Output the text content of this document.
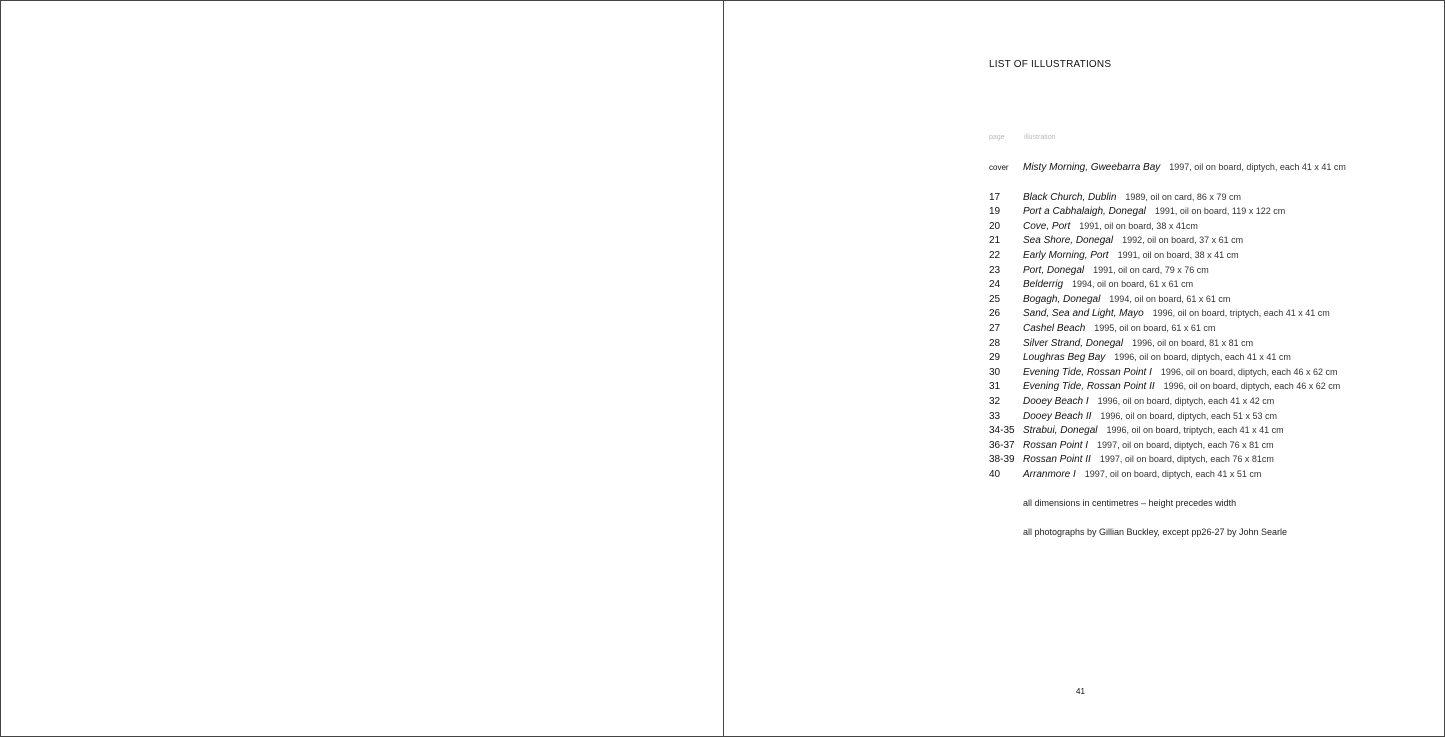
LIST OF ILLUSTRATIONS
page	illustration
cover Misty Morning, Gweebarra Bay 1997, oil on board, diptych, each 41 x 41 cm
17 Black Church, Dublin 1989, oil on card, 86 x 79 cm
19 Port a Cabhalaigh, Donegal 1991, oil on board, 119 x 122 cm
20 Cove, Port 1991, oil on board, 38 x 41cm
21 Sea Shore, Donegal 1992, oil on board, 37 x 61 cm
22 Early Morning, Port 1991, oil on board, 38 x 41 cm
23 Port, Donegal 1991, oil on card, 79 x 76 cm
24 Belderrig 1994, oil on board, 61 x 61 cm
25 Bogagh, Donegal 1994, oil on board, 61 x 61 cm
26 Sand, Sea and Light, Mayo 1996, oil on board, triptych, each 41 x 41 cm
27 Cashel Beach 1995, oil on board, 61 x 61 cm
28 Silver Strand, Donegal 1996, oil on board, 81 x 81 cm
29 Loughras Beg Bay 1996, oil on board, diptych, each 41 x 41 cm
30 Evening Tide, Rossan Point I 1996, oil on board, diptych, each 46 x 62 cm
31 Evening Tide, Rossan Point II 1996, oil on board, diptych, each 46 x 62 cm
32 Dooey Beach I 1996, oil on board, diptych, each 41 x 42 cm
33 Dooey Beach II 1996, oil on board, diptych, each 51 x 53 cm
34-35 Strabui, Donegal 1996, oil on board, triptych, each 41 x 41 cm
36-37 Rossan Point I 1997, oil on board, diptych, each 76 x 81 cm
38-39 Rossan Point II 1997, oil on board, diptych, each 76 x 81cm
40 Arranmore I 1997, oil on board, diptych, each 41 x 51 cm
all dimensions in centimetres – height precedes width
all photographs by Gillian Buckley, except pp26-27 by John Searle
41
